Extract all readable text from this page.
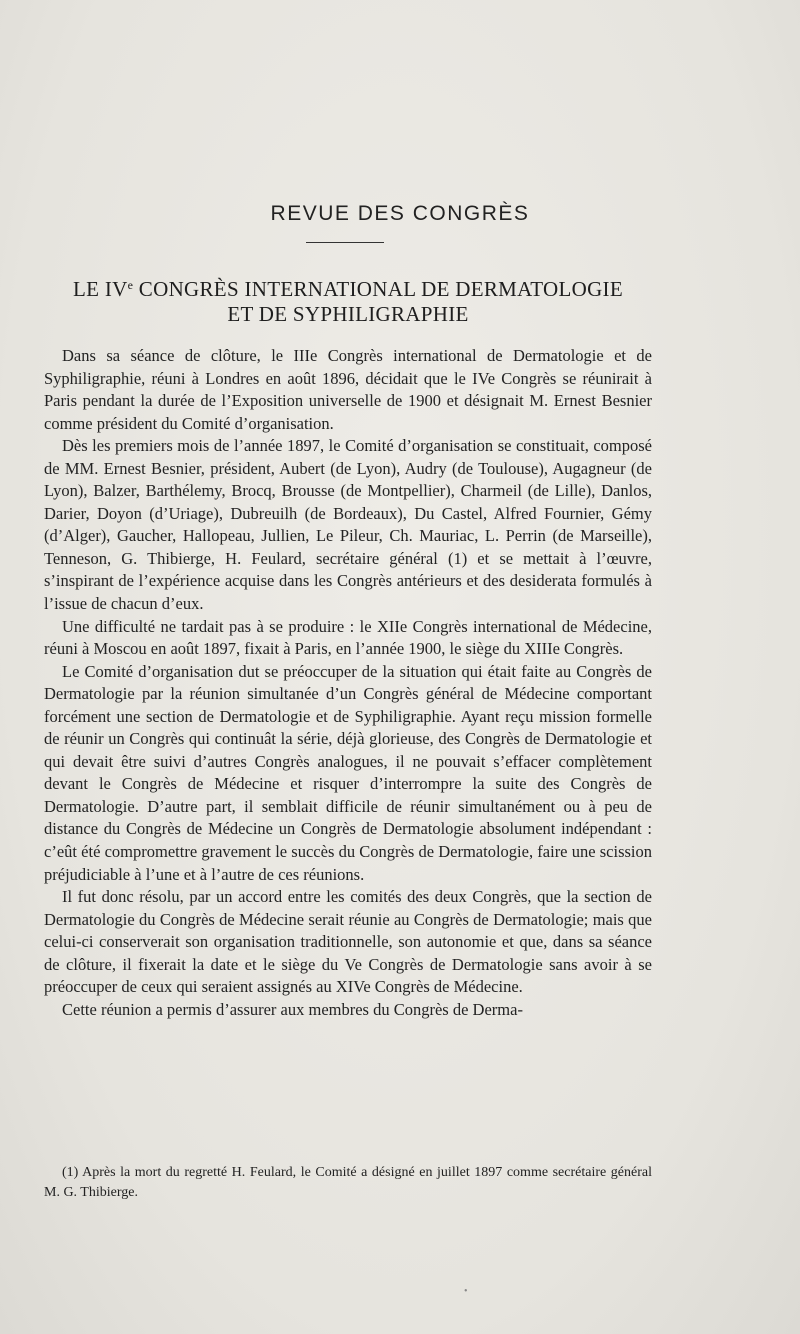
REVUE DES CONGRÈS
LE IVe CONGRÈS INTERNATIONAL DE DERMATOLOGIE
ET DE SYPHILIGRAPHIE

Dans sa séance de clôture, le IIIe Congrès international de Dermatologie et de Syphiligraphie, réuni à Londres en août 1896, décidait que le IVe Congrès se réunirait à Paris pendant la durée de l’Exposition universelle de 1900 et désignait M. Ernest Besnier comme président du Comité d’organisation.

Dès les premiers mois de l’année 1897, le Comité d’organisation se constituait, composé de MM. Ernest Besnier, président, Aubert (de Lyon), Audry (de Toulouse), Augagneur (de Lyon), Balzer, Barthélemy, Brocq, Brousse (de Montpellier), Charmeil (de Lille), Danlos, Darier, Doyon (d’Uriage), Dubreuilh (de Bordeaux), Du Castel, Alfred Fournier, Gémy (d’Alger), Gaucher, Hallopeau, Jullien, Le Pileur, Ch. Mauriac, L. Perrin (de Marseille), Tenneson, G. Thibierge, H. Feulard, secrétaire général (1) et se mettait à l’œuvre, s’inspirant de l’expérience acquise dans les Congrès antérieurs et des desiderata formulés à l’issue de chacun d’eux.

Une difficulté ne tardait pas à se produire : le XIIe Congrès international de Médecine, réuni à Moscou en août 1897, fixait à Paris, en l’année 1900, le siège du XIIIe Congrès.

Le Comité d’organisation dut se préoccuper de la situation qui était faite au Congrès de Dermatologie par la réunion simultanée d’un Congrès général de Médecine comportant forcément une section de Dermatologie et de Syphiligraphie. Ayant reçu mission formelle de réunir un Congrès qui continuât la série, déjà glorieuse, des Congrès de Dermatologie et qui devait être suivi d’autres Congrès analogues, il ne pouvait s’effacer complètement devant le Congrès de Médecine et risquer d’interrompre la suite des Congrès de Dermatologie. D’autre part, il semblait difficile de réunir simultanément ou à peu de distance du Congrès de Médecine un Congrès de Dermatologie absolument indépendant : c’eût été compromettre gravement le succès du Congrès de Dermatologie, faire une scission préjudiciable à l’une et à l’autre de ces réunions.

Il fut donc résolu, par un accord entre les comités des deux Congrès, que la section de Dermatologie du Congrès de Médecine serait réunie au Congrès de Dermatologie; mais que celui-ci conserverait son organisation traditionnelle, son autonomie et que, dans sa séance de clôture, il fixerait la date et le siège du Ve Congrès de Dermatologie sans avoir à se préoccuper de ceux qui seraient assignés au XIVe Congrès de Médecine.

Cette réunion a permis d’assurer aux membres du Congrès de Derma-

(1) Après la mort du regretté H. Feulard, le Comité a désigné en juillet 1897 comme secrétaire général M. G. Thibierge.

•
